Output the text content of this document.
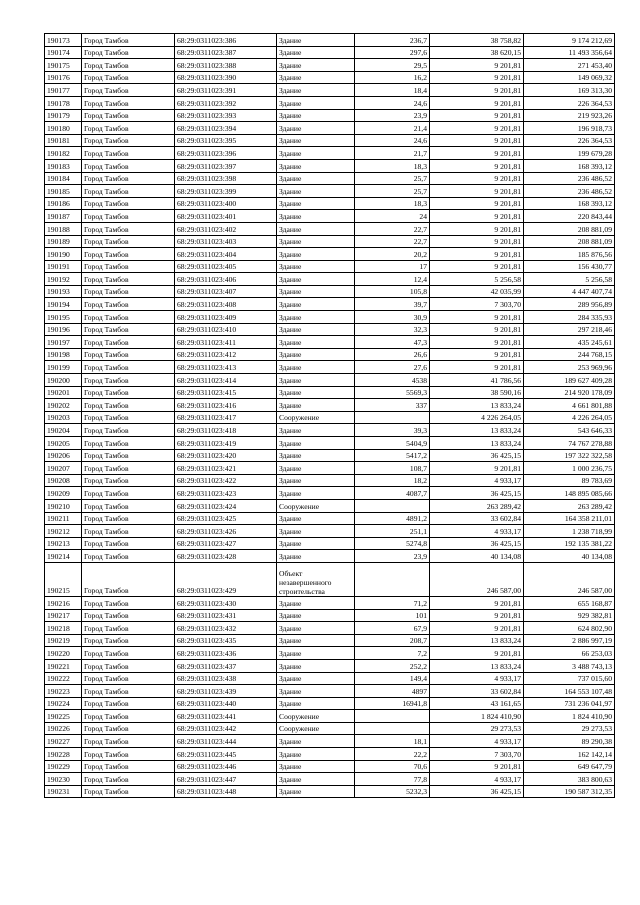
190173	Город Тамбов	68:29:0311023:386	Здание	236,7	38 758,82	9 174 212,69
190174	Город Тамбов	68:29:0311023:387	Здание	297,6	38 620,15	11 493 356,64
190175	Город Тамбов	68:29:0311023:388	Здание	29,5	9 201,81	271 453,40
190176	Город Тамбов	68:29:0311023:390	Здание	16,2	9 201,81	149 069,32
190177	Город Тамбов	68:29:0311023:391	Здание	18,4	9 201,81	169 313,30
190178	Город Тамбов	68:29:0311023:392	Здание	24,6	9 201,81	226 364,53
190179	Город Тамбов	68:29:0311023:393	Здание	23,9	9 201,81	219 923,26
190180	Город Тамбов	68:29:0311023:394	Здание	21,4	9 201,81	196 918,73
190181	Город Тамбов	68:29:0311023:395	Здание	24,6	9 201,81	226 364,53
190182	Город Тамбов	68:29:0311023:396	Здание	21,7	9 201,81	199 679,28
190183	Город Тамбов	68:29:0311023:397	Здание	18,3	9 201,81	168 393,12
190184	Город Тамбов	68:29:0311023:398	Здание	25,7	9 201,81	236 486,52
190185	Город Тамбов	68:29:0311023:399	Здание	25,7	9 201,81	236 486,52
190186	Город Тамбов	68:29:0311023:400	Здание	18,3	9 201,81	168 393,12
190187	Город Тамбов	68:29:0311023:401	Здание	24	9 201,81	220 843,44
190188	Город Тамбов	68:29:0311023:402	Здание	22,7	9 201,81	208 881,09
190189	Город Тамбов	68:29:0311023:403	Здание	22,7	9 201,81	208 881,09
190190	Город Тамбов	68:29:0311023:404	Здание	20,2	9 201,81	185 876,56
190191	Город Тамбов	68:29:0311023:405	Здание	17	9 201,81	156 430,77
190192	Город Тамбов	68:29:0311023:406	Здание	12,4	5 256,58	5 256,58
190193	Город Тамбов	68:29:0311023:407	Здание	105,8	42 035,99	4 447 407,74
190194	Город Тамбов	68:29:0311023:408	Здание	39,7	7 303,70	289 956,89
190195	Город Тамбов	68:29:0311023:409	Здание	30,9	9 201,81	284 335,93
190196	Город Тамбов	68:29:0311023:410	Здание	32,3	9 201,81	297 218,46
190197	Город Тамбов	68:29:0311023:411	Здание	47,3	9 201,81	435 245,61
190198	Город Тамбов	68:29:0311023:412	Здание	26,6	9 201,81	244 768,15
190199	Город Тамбов	68:29:0311023:413	Здание	27,6	9 201,81	253 969,96
190200	Город Тамбов	68:29:0311023:414	Здание	4538	41 786,56	189 627 409,28
190201	Город Тамбов	68:29:0311023:415	Здание	5569,3	38 590,16	214 920 178,09
190202	Город Тамбов	68:29:0311023:416	Здание	337	13 833,24	4 661 801,88
190203	Город Тамбов	68:29:0311023:417	Сооружение		4 226 264,05	4 226 264,05
190204	Город Тамбов	68:29:0311023:418	Здание	39,3	13 833,24	543 646,33
190205	Город Тамбов	68:29:0311023:419	Здание	5404,9	13 833,24	74 767 278,88
190206	Город Тамбов	68:29:0311023:420	Здание	5417,2	36 425,15	197 322 322,58
190207	Город Тамбов	68:29:0311023:421	Здание	108,7	9 201,81	1 000 236,75
190208	Город Тамбов	68:29:0311023:422	Здание	18,2	4 933,17	89 783,69
190209	Город Тамбов	68:29:0311023:423	Здание	4087,7	36 425,15	148 895 085,66
190210	Город Тамбов	68:29:0311023:424	Сооружение		263 289,42	263 289,42
190211	Город Тамбов	68:29:0311023:425	Здание	4891,2	33 602,84	164 358 211,01
190212	Город Тамбов	68:29:0311023:426	Здание	251,1	4 933,17	1 238 718,99
190213	Город Тамбов	68:29:0311023:427	Здание	5274,8	36 425,15	192 135 381,22
190214	Город Тамбов	68:29:0311023:428	Здание	23,9	40 134,08	40 134,08
190215	Город Тамбов	68:29:0311023:429	Объект незавершенного строительства		246 587,00	246 587,00
190216	Город Тамбов	68:29:0311023:430	Здание	71,2	9 201,81	655 168,87
190217	Город Тамбов	68:29:0311023:431	Здание	101	9 201,81	929 382,81
190218	Город Тамбов	68:29:0311023:432	Здание	67,9	9 201,81	624 802,90
190219	Город Тамбов	68:29:0311023:435	Здание	208,7	13 833,24	2 886 997,19
190220	Город Тамбов	68:29:0311023:436	Здание	7,2	9 201,81	66 253,03
190221	Город Тамбов	68:29:0311023:437	Здание	252,2	13 833,24	3 488 743,13
190222	Город Тамбов	68:29:0311023:438	Здание	149,4	4 933,17	737 015,60
190223	Город Тамбов	68:29:0311023:439	Здание	4897	33 602,84	164 553 107,48
190224	Город Тамбов	68:29:0311023:440	Здание	16941,8	43 161,65	731 236 041,97
190225	Город Тамбов	68:29:0311023:441	Сооружение		1 824 410,90	1 824 410,90
190226	Город Тамбов	68:29:0311023:442	Сооружение		29 273,53	29 273,53
190227	Город Тамбов	68:29:0311023:444	Здание	18,1	4 933,17	89 290,38
190228	Город Тамбов	68:29:0311023:445	Здание	22,2	7 303,70	162 142,14
190229	Город Тамбов	68:29:0311023:446	Здание	70,6	9 201,81	649 647,79
190230	Город Тамбов	68:29:0311023:447	Здание	77,8	4 933,17	383 800,63
190231	Город Тамбов	68:29:0311023:448	Здание	5232,3	36 425,15	190 587 312,35
